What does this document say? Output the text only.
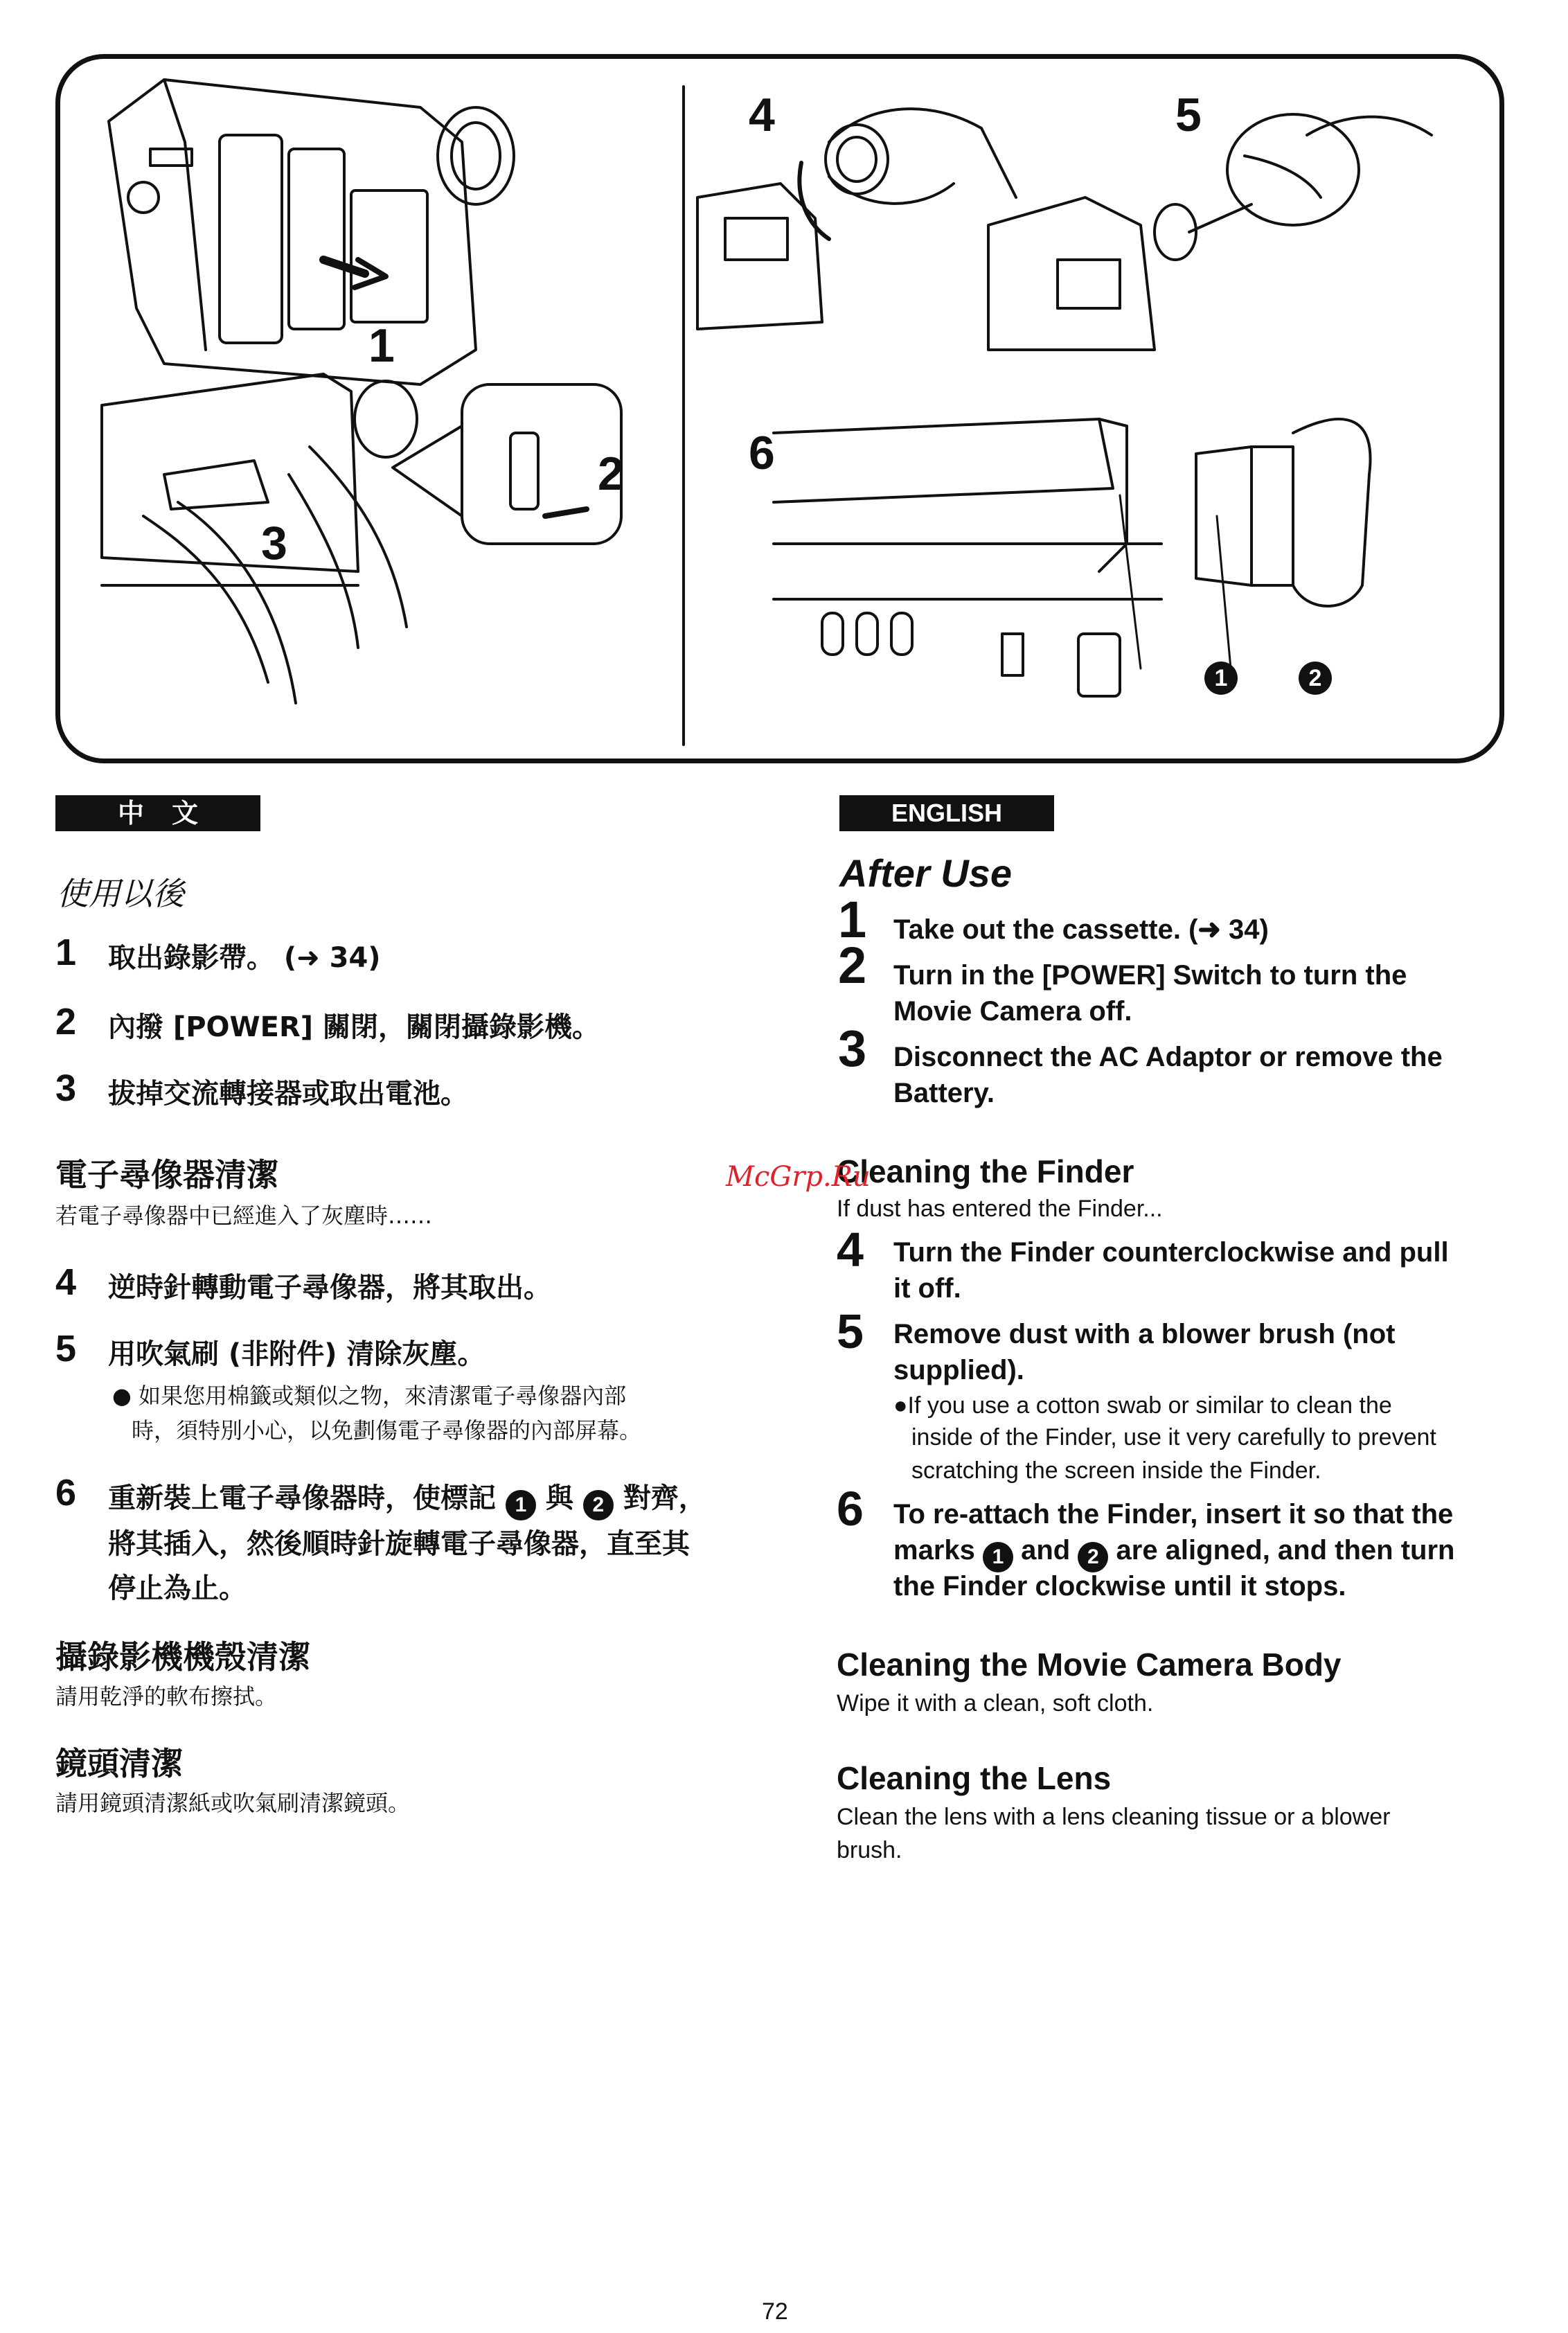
1
2
3
4	5
6
1	2
中文	ENGLISH
使用以後
1 取出錄影帶。 (➜ 34)
2 內撥 [POWER] 關閉，關閉攝錄影機。
3 拔掉交流轉接器或取出電池。
電子尋像器清潔
若電子尋像器中已經進入了灰塵時……
4 逆時針轉動電子尋像器，將其取出。
5 用吹氣刷 (非附件) 清除灰塵。
● 如果您用棉籤或類似之物，來清潔電子尋像器內部
時，須特別小心，以免劃傷電子尋像器的內部屏幕。
6 重新裝上電子尋像器時，使標記 1 與 2 對齊，
將其插入，然後順時針旋轉電子尋像器，直至其
停止為止。
攝錄影機機殼清潔
請用乾淨的軟布擦拭。
鏡頭清潔
請用鏡頭清潔紙或吹氣刷清潔鏡頭。
After Use
1 Take out the cassette. (➜ 34)
2 Turn in the [POWER] Switch to turn the
Movie Camera off.
3 Disconnect the AC Adaptor or remove the
Battery.
Cleaning the Finder
If dust has entered the Finder...
4 Turn the Finder counterclockwise and pull
it off.
5 Remove dust with a blower brush (not
supplied).
●If you use a cotton swab or similar to clean the
inside of the Finder, use it very carefully to prevent
scratching the screen inside the Finder.
6 To re-attach the Finder, insert it so that the
marks 1 and 2 are aligned, and then turn
the Finder clockwise until it stops.
Cleaning the Movie Camera Body
Wipe it with a clean, soft cloth.
Cleaning the Lens
Clean the lens with a lens cleaning tissue or a blower
brush.
McGrp.Ru
72
